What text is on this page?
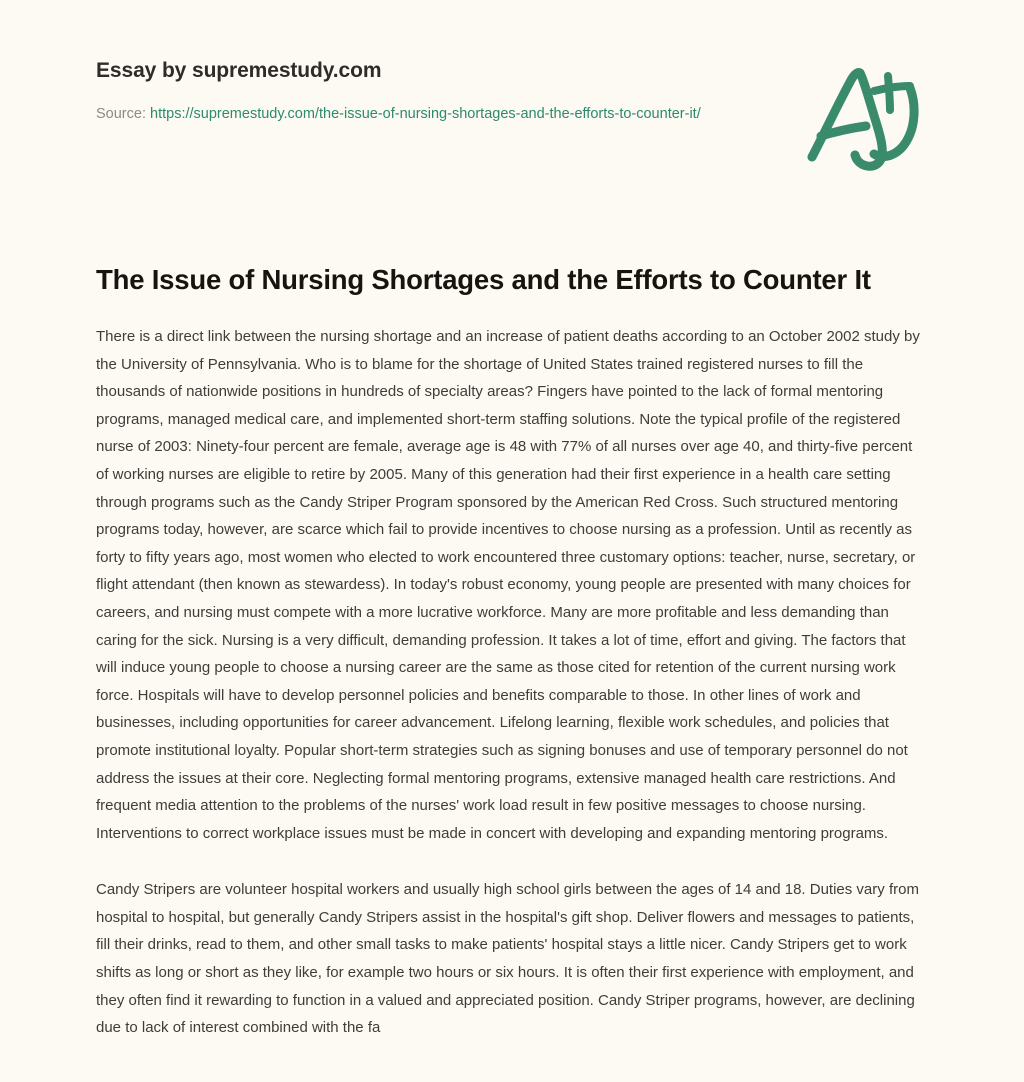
Essay by supremestudy.com
Source: https://supremestudy.com/the-issue-of-nursing-shortages-and-the-efforts-to-counter-it/
The Issue of Nursing Shortages and the Efforts to Counter It

There is a direct link between the nursing shortage and an increase of patient deaths according to an October 2002 study by the University of Pennsylvania. Who is to blame for the shortage of United States trained registered nurses to fill the thousands of nationwide positions in hundreds of specialty areas? Fingers have pointed to the lack of formal mentoring programs, managed medical care, and implemented short-term staffing solutions. Note the typical profile of the registered nurse of 2003: Ninety-four percent are female, average age is 48 with 77% of all nurses over age 40, and thirty-five percent of working nurses are eligible to retire by 2005. Many of this generation had their first experience in a health care setting through programs such as the Candy Striper Program sponsored by the American Red Cross. Such structured mentoring programs today, however, are scarce which fail to provide incentives to choose nursing as a profession. Until as recently as forty to fifty years ago, most women who elected to work encountered three customary options: teacher, nurse, secretary, or flight attendant (then known as stewardess). In today's robust economy, young people are presented with many choices for careers, and nursing must compete with a more lucrative workforce. Many are more profitable and less demanding than caring for the sick. Nursing is a very difficult, demanding profession. It takes a lot of time, effort and giving. The factors that will induce young people to choose a nursing career are the same as those cited for retention of the current nursing work force. Hospitals will have to develop personnel policies and benefits comparable to those. In other lines of work and businesses, including opportunities for career advancement. Lifelong learning, flexible work schedules, and policies that promote institutional loyalty. Popular short-term strategies such as signing bonuses and use of temporary personnel do not address the issues at their core. Neglecting formal mentoring programs, extensive managed health care restrictions. And frequent media attention to the problems of the nurses' work load result in few positive messages to choose nursing. Interventions to correct workplace issues must be made in concert with developing and expanding mentoring programs.

Candy Stripers are volunteer hospital workers and usually high school girls between the ages of 14 and 18. Duties vary from hospital to hospital, but generally Candy Stripers assist in the hospital's gift shop. Deliver flowers and messages to patients, fill their drinks, read to them, and other small tasks to make patients' hospital stays a little nicer. Candy Stripers get to work shifts as long or short as they like, for example two hours or six hours. It is often their first experience with employment, and they often find it rewarding to function in a valued and appreciated position. Candy Striper programs, however, are declining due to lack of interest combined with the fa
